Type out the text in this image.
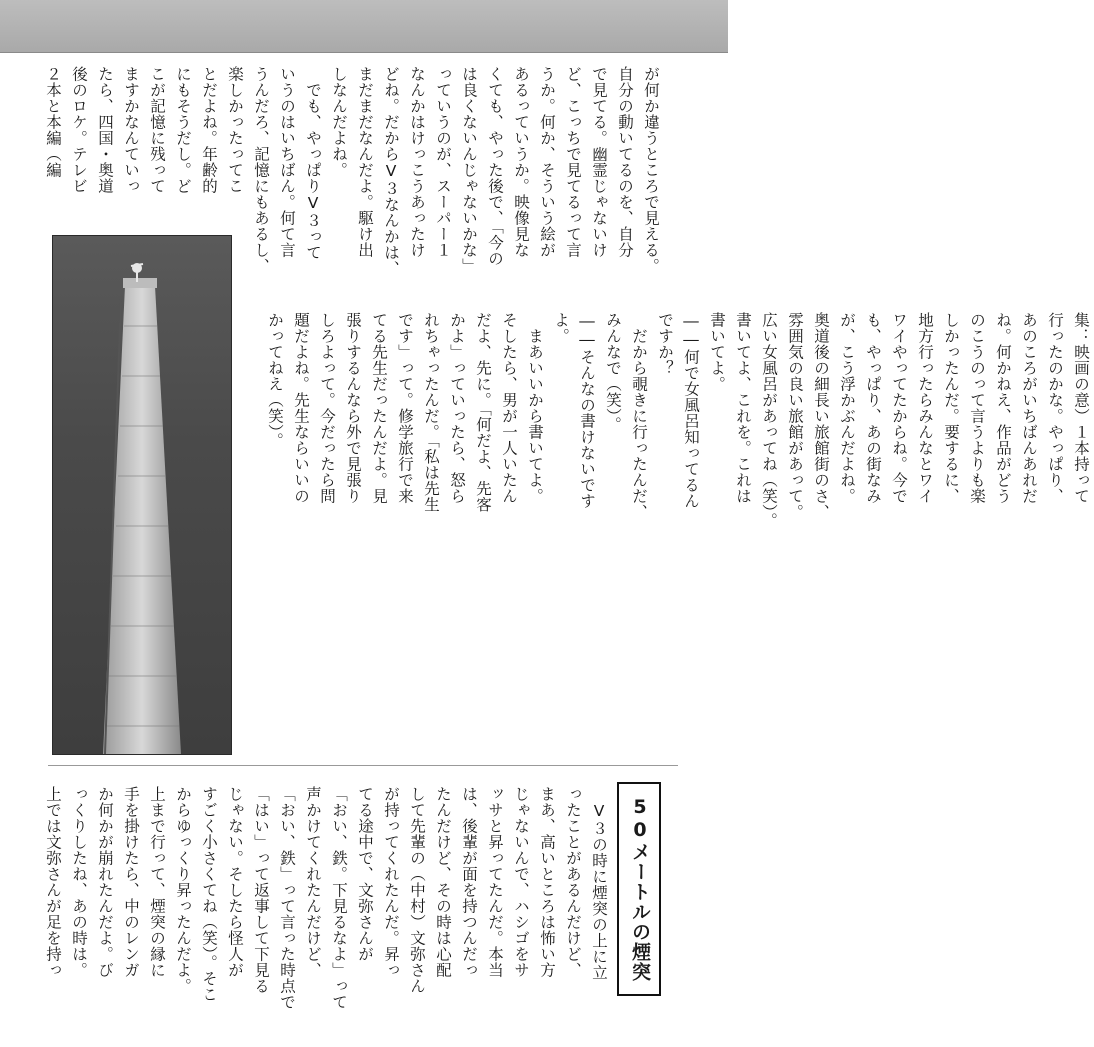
が何か違うところで見える。
自分の動いてるのを、自分
で見てる。幽霊じゃないけ
ど、こっちで見てるって言
うか。何か、そういう絵が
あるっていうか。映像見な
くても、やった後で、「今の
は良くないんじゃないかな」
っていうのが、スーパー１
なんかはけっこうあったけ
どね。だからV３なんかは、
まだまだなんだよ。駆け出
しなんだよね。
　でも、やっぱりV３って
いうのはいちばん。何て言
うんだろ、記憶にもあるし、
楽しかったってこ
とだよね。年齢的
にもそうだし。ど
こが記憶に残って
ますかなんていっ
たら、四国・奥道
後のロケ。テレビ
２本と本編（編
集：映画の意）１本持って
行ったのかな。やっぱり、
あのころがいちばんあれだ
ね。何かねえ、作品がどう
のこうのって言うよりも楽
しかったんだ。要するに、
地方行ったらみんなとワイ
ワイやってたからね。今で
も、やっぱり、あの街なみ
が、こう浮かぶんだよね。
奥道後の細長い旅館街のさ、
雰囲気の良い旅館があって。
広い女風呂があってね（笑）。
書いてよ、これを。これは
書いてよ。
――何で女風呂知ってるん
ですか？
　だから覗きに行ったんだ、
みんなで（笑）。
――そんなの書けないです
よ。
　まあいいから書いてよ。
そしたら、男が一人いたん
だよ、先に。「何だよ、先客
かよ」っていったら、怒ら
れちゃったんだ。「私は先生
です」って。修学旅行で来
てる先生だったんだよ。見
張りするんなら外で見張り
しろよって。今だったら問
題だよね。先生ならいいの
かってねえ（笑）。
50メートルの煙突
　V３の時に煙突の上に立
ったことがあるんだけど、
まあ、高いところは怖い方
じゃないんで、ハシゴをサ
ッサと昇ってたんだ。本当
は、後輩が面を持つんだっ
たんだけど、その時は心配
して先輩の（中村）文弥さん
が持ってくれたんだ。昇っ
てる途中で、文弥さんが
「おい、鉄。下見るなよ」って
声かけてくれたんだけど、
「おい、鉄」って言った時点で
「はい」って返事して下見る
じゃない。そしたら怪人が
すごく小さくてね（笑）。そこ
からゆっくり昇ったんだよ。
上まで行って、煙突の縁に
手を掛けたら、中のレンガ
か何かが崩れたんだよ。び
っくりしたね、あの時は。
上では文弥さんが足を持っ
